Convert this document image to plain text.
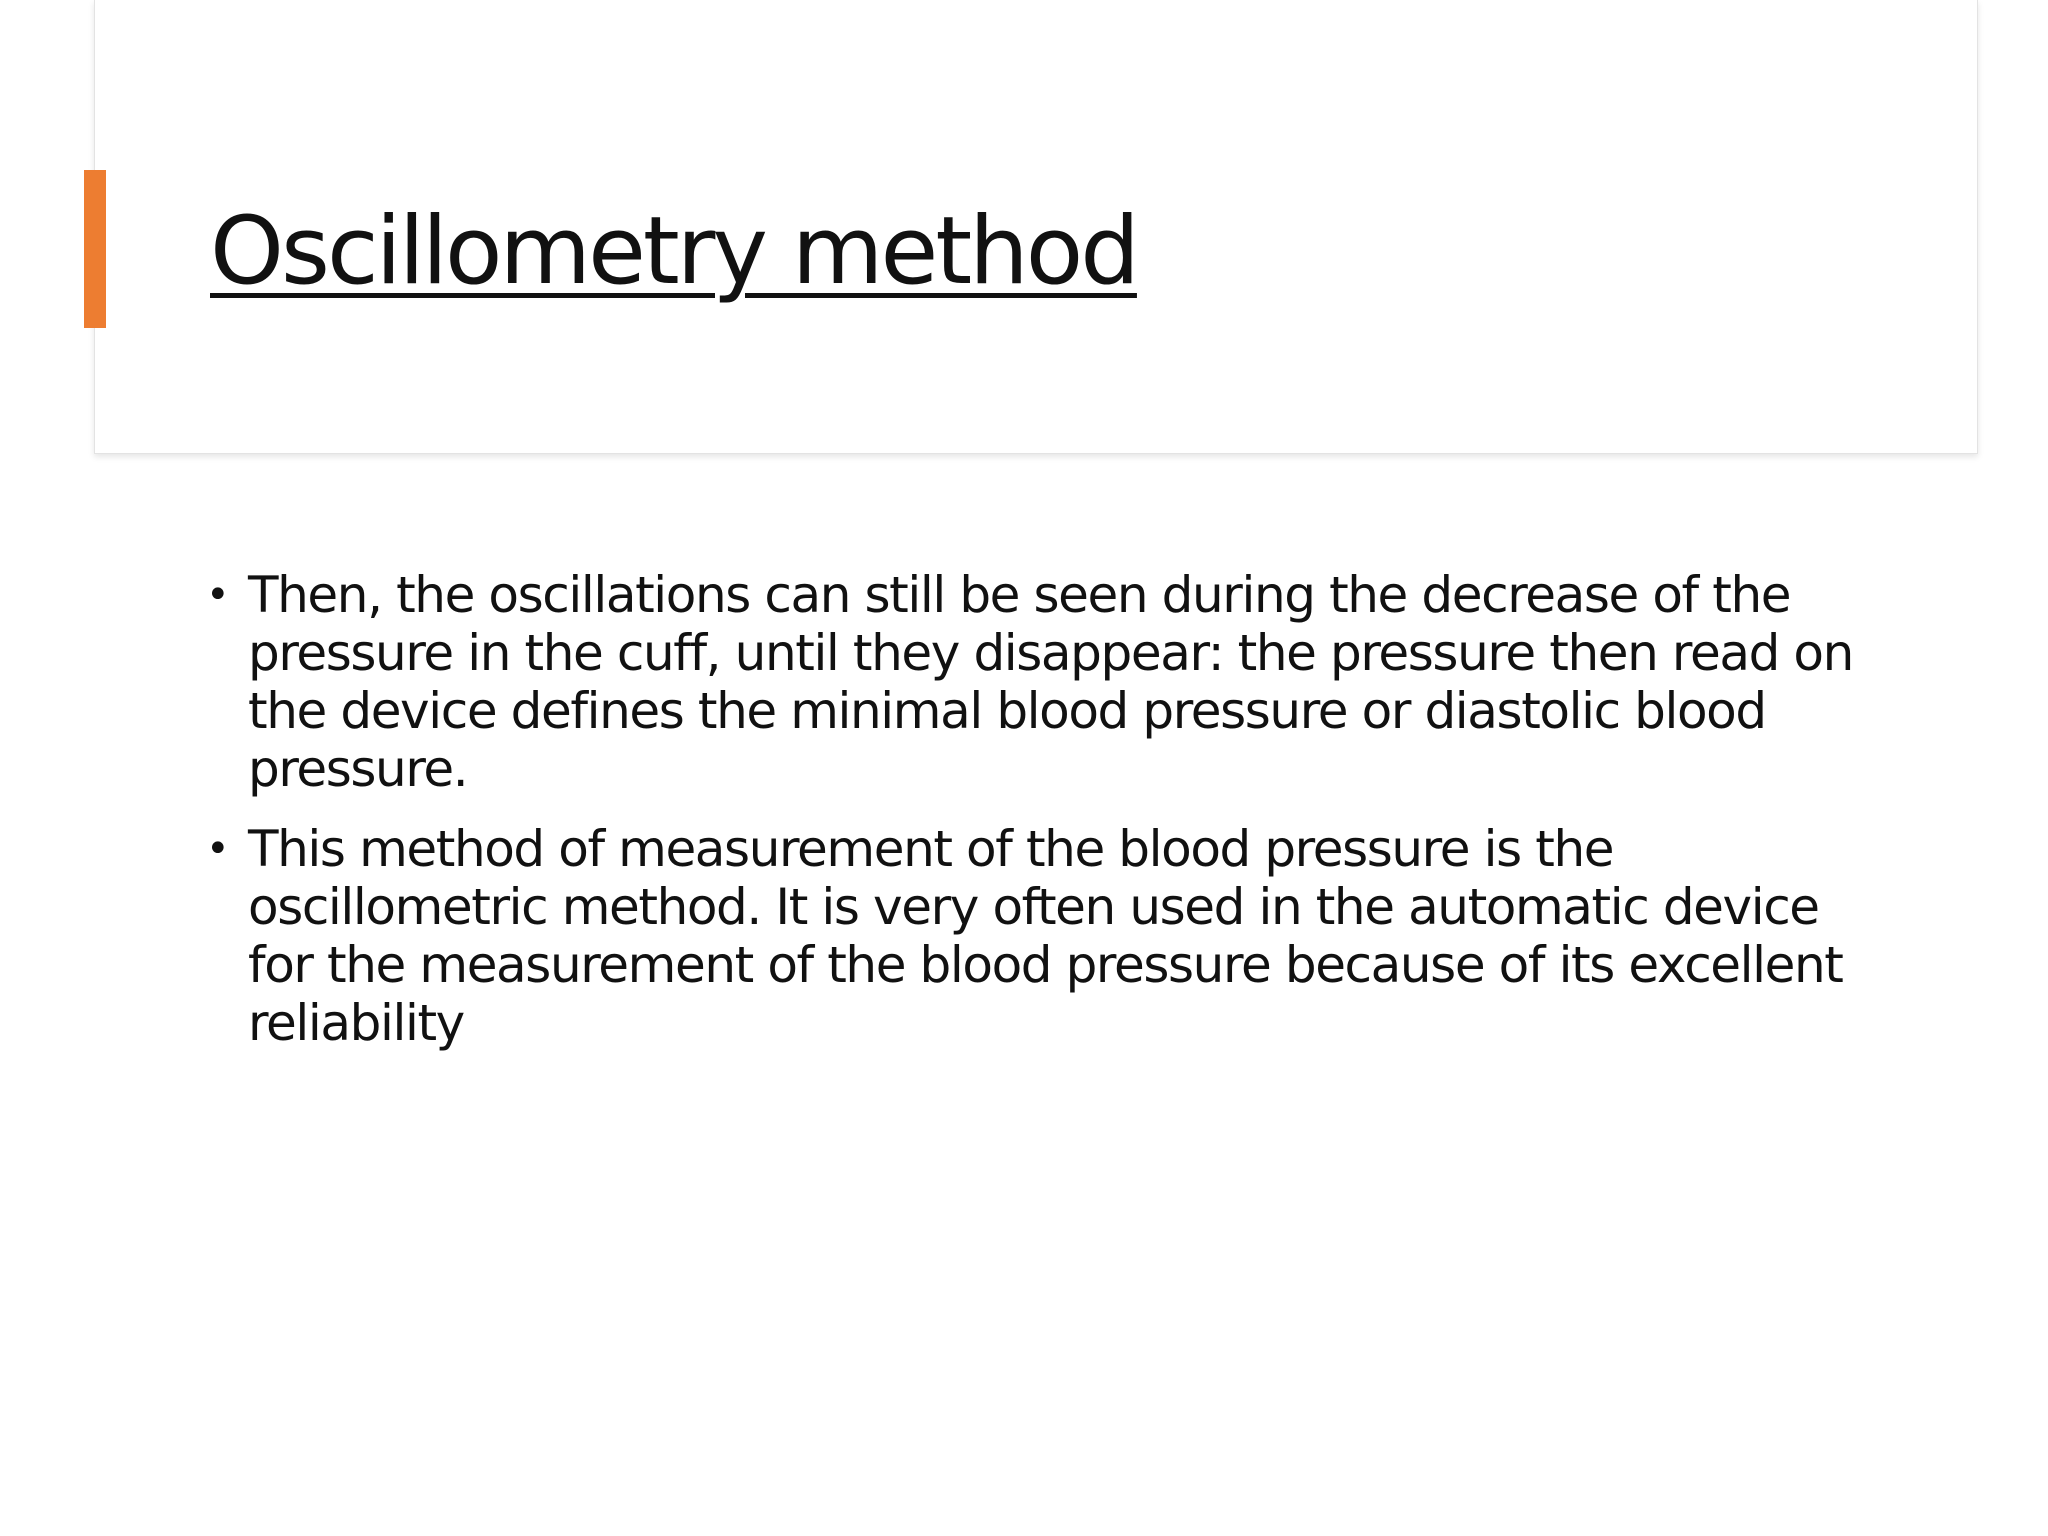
Oscillometry method
• Then, the oscillations can still be seen during the decrease of the pressure in the cuff, until they disappear: the pressure then read on the device defines the minimal blood pressure or diastolic blood pressure.
• This method of measurement of the blood pressure is the oscillometric method. It is very often used in the automatic device for the measurement of the blood pressure because of its excellent reliability
